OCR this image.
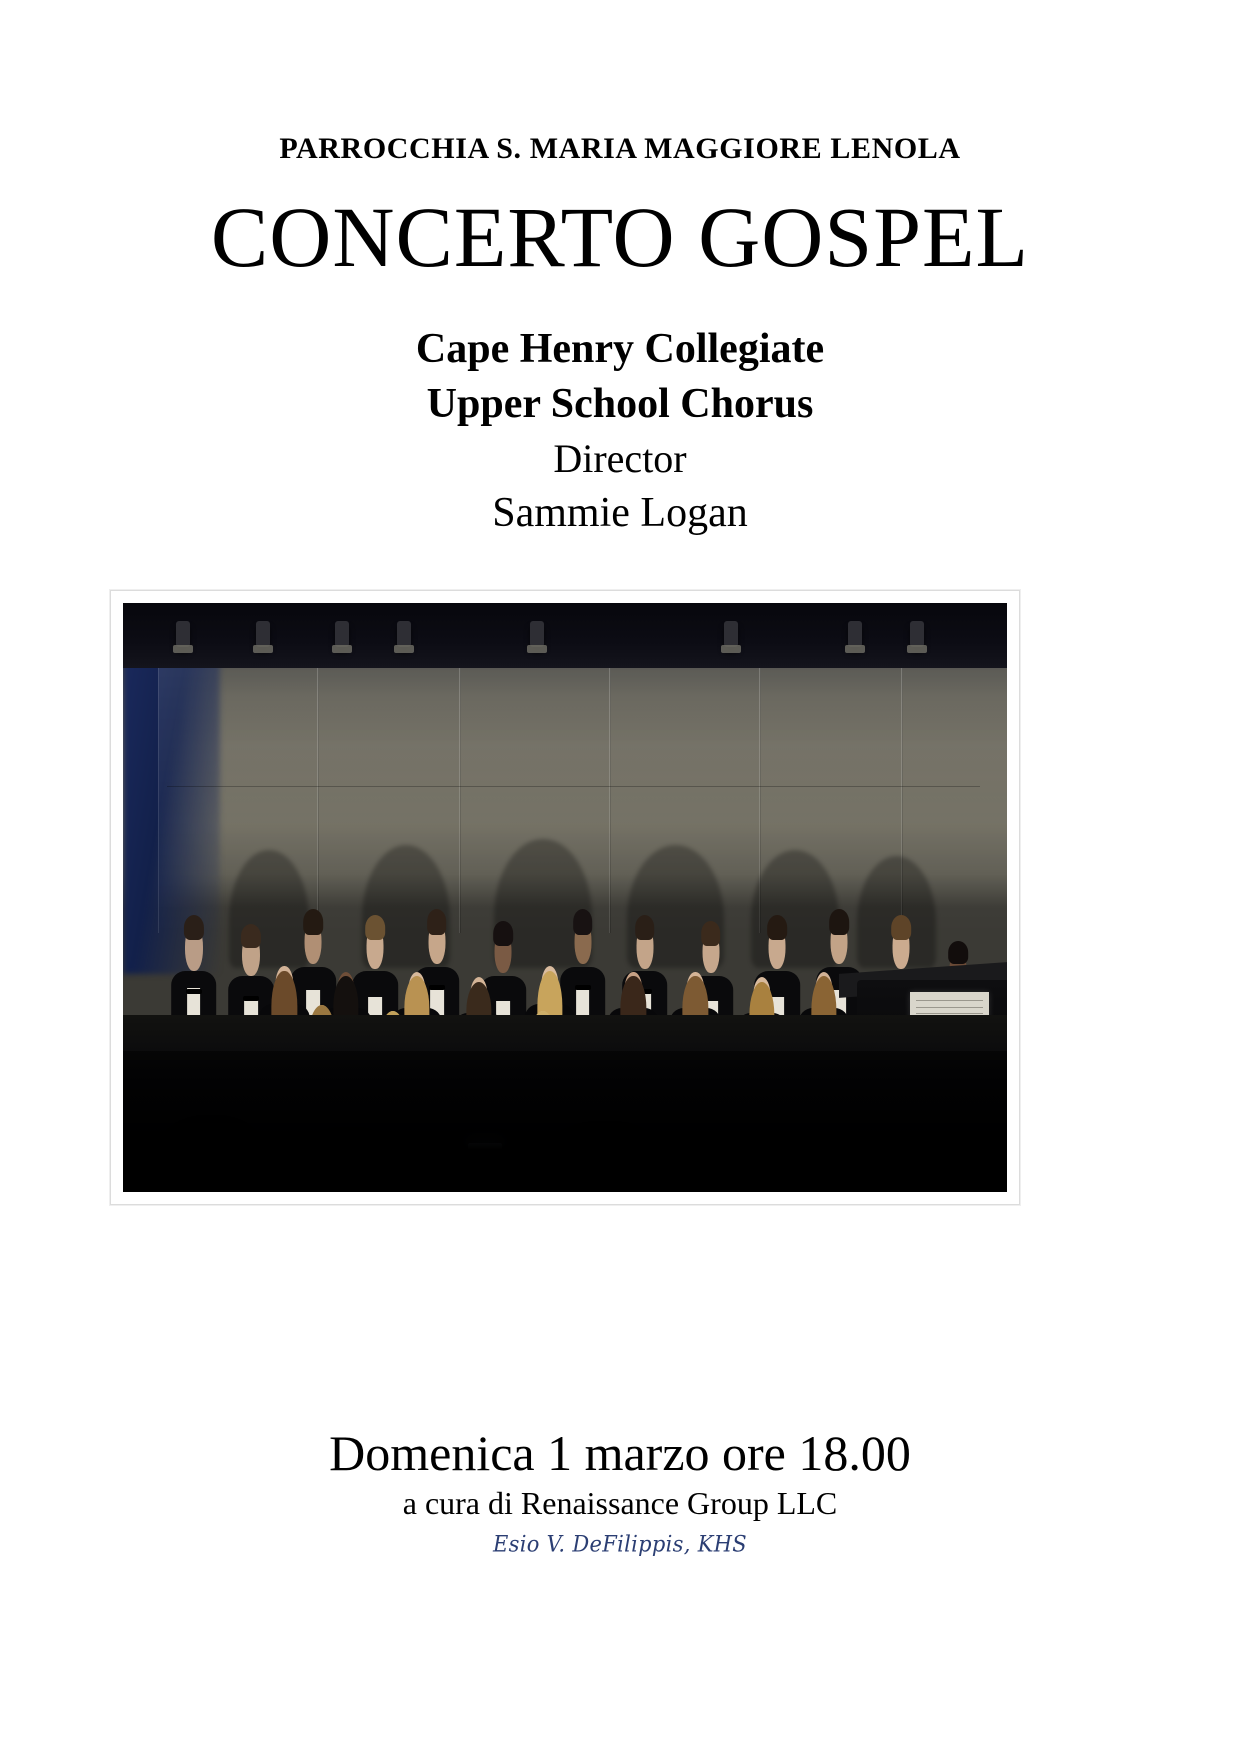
PARROCCHIA S. MARIA MAGGIORE LENOLA
CONCERTO GOSPEL
Cape Henry Collegiate
Upper School Chorus
Director
Sammie Logan
Domenica 1 marzo ore 18.00
a cura di Renaissance Group LLC
Esio V. DeFilippis, KHS
